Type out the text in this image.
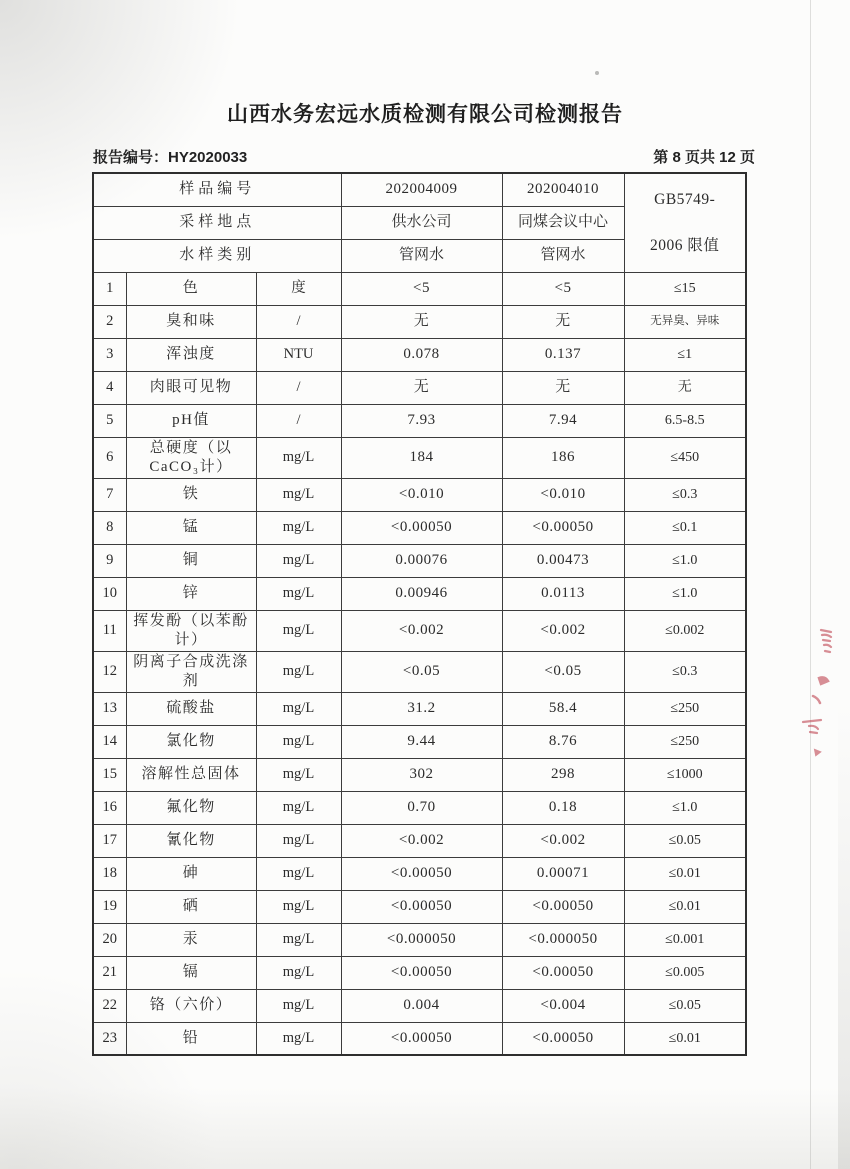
山西水务宏远水质检测有限公司检测报告
报告编号：HY2020033	第 8 页共 12 页
样品编号			202004009	202004010	GB5749-
2006 限值

采样地点			供水公司	同煤会议中心	
水样类别			管网水	管网水	
1	色	度	<5	<5	≤15
2	臭和味	/	无	无	无异臭、异味
3	浑浊度	NTU	0.078	0.137	≤1
4	肉眼可见物	/	无	无	无
5	pH值	/	7.93	7.94	6.5-8.5
6	总硬度（以CaCO₃计）	mg/L	184	186	≤450
7	铁	mg/L	<0.010	<0.010	≤0.3
8	锰	mg/L	<0.00050	<0.00050	≤0.1
9	铜	mg/L	0.00076	0.00473	≤1.0
10	锌	mg/L	0.00946	0.0113	≤1.0
11	挥发酚（以苯酚计）	mg/L	<0.002	<0.002	≤0.002
12	阴离子合成洗涤剂	mg/L	<0.05	<0.05	≤0.3
13	硫酸盐	mg/L	31.2	58.4	≤250
14	氯化物	mg/L	9.44	8.76	≤250
15	溶解性总固体	mg/L	302	298	≤1000
16	氟化物	mg/L	0.70	0.18	≤1.0
17	氰化物	mg/L	<0.002	<0.002	≤0.05
18	砷	mg/L	<0.00050	0.00071	≤0.01
19	硒	mg/L	<0.00050	<0.00050	≤0.01
20	汞	mg/L	<0.000050	<0.000050	≤0.001
21	镉	mg/L	<0.00050	<0.00050	≤0.005
22	铬（六价）	mg/L	0.004	<0.004	≤0.05
23	铅	mg/L	<0.00050	<0.00050	≤0.01
